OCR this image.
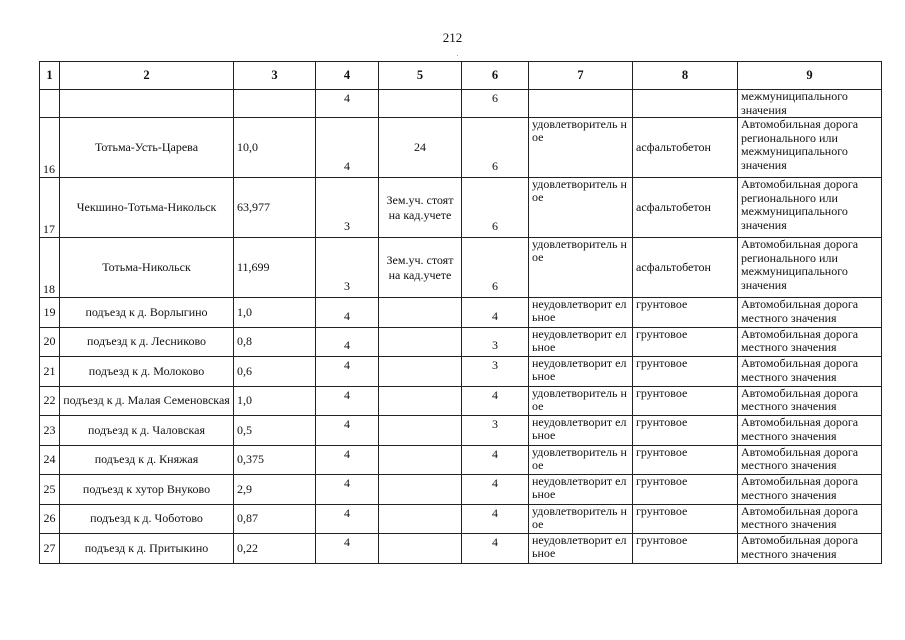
212
1	2	3	4	5	6	7	8	9
			4		6			межмуниципального значения
16	Тотьма-Усть-Царева	10,0	4	24	6	удовлетворитель ное	асфальтобетон	Автомобильная дорога регионального или межмуниципального значения
17	Чекшино-Тотьма-Никольск	63,977	3	Зем.уч. стоят на кад.учете	6	удовлетворитель ное	асфальтобетон	Автомобильная дорога регионального или межмуниципального значения
18	Тотьма-Никольск	11,699	3	Зем.уч. стоят на кад.учете	6	удовлетворитель ное	асфальтобетон	Автомобильная дорога регионального или межмуниципального значения
19	подъезд к д. Ворлыгино	1,0	4		4	неудовлетворит ельное	грунтовое	Автомобильная дорога местного значения
20	подъезд к д. Лесниково	0,8	4		3	неудовлетворит ельное	грунтовое	Автомобильная дорога местного значения
21	подъезд к д. Молоково	0,6	4		3	неудовлетворит ельное	грунтовое	Автомобильная дорога местного значения
22	подъезд к д. Малая Семеновская	1,0	4		4	удовлетворитель ное	грунтовое	Автомобильная дорога местного значения
23	подъезд к д. Чаловская	0,5	4		3	неудовлетворит ельное	грунтовое	Автомобильная дорога местного значения
24	подъезд к д. Княжая	0,375	4		4	удовлетворитель ное	грунтовое	Автомобильная дорога местного значения
25	подъезд к хутор Внуково	2,9	4		4	неудовлетворит ельное	грунтовое	Автомобильная дорога местного значения
26	подъезд к д. Чоботово	0,87	4		4	удовлетворитель ное	грунтовое	Автомобильная дорога местного значения
27	подъезд к д. Притыкино	0,22	4		4	неудовлетворит ельное	грунтовое	Автомобильная дорога местного значения
